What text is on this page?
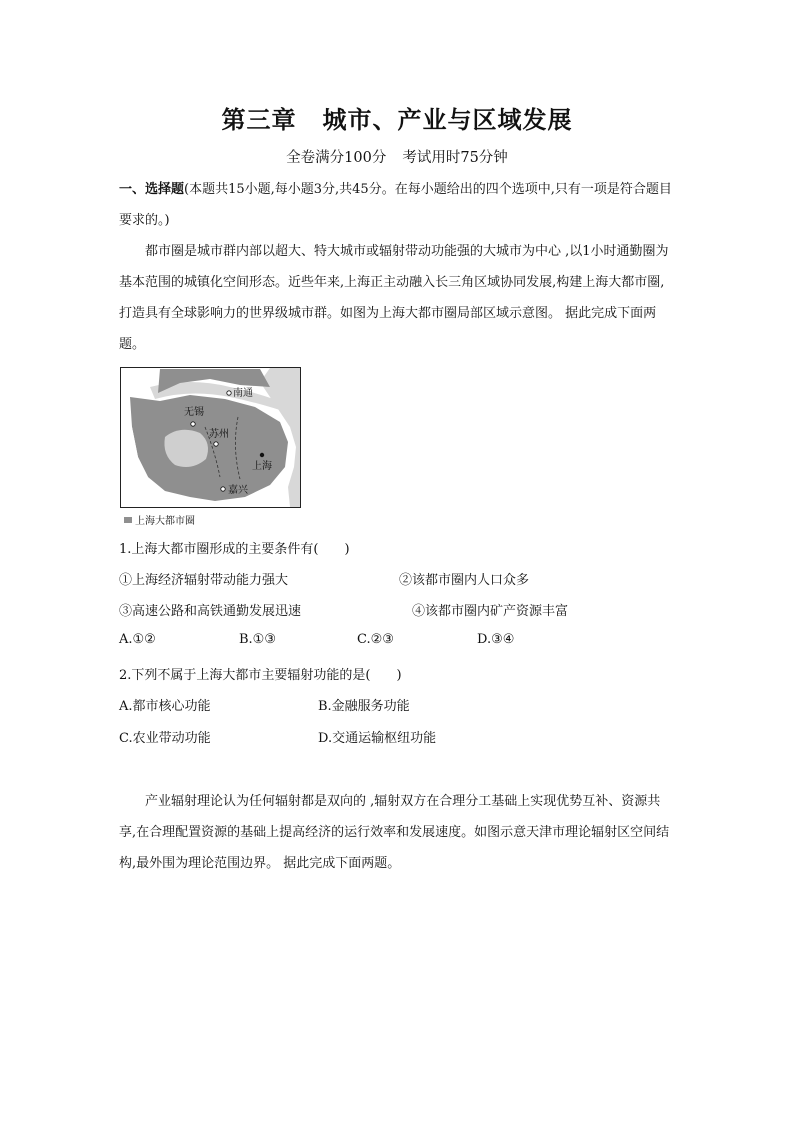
第三章 城市、产业与区域发展
全卷满分100分 考试用时75分钟
一、选择题(本题共15小题,每小题3分,共45分。在每小题给出的四个选项中,只有一项是符合题目要求的。)
都市圈是城市群内部以超大、特大城市或辐射带动功能强的大城市为中心 ,以1小时通勤圈为基本范围的城镇化空间形态。近些年来,上海正主动融入长三角区域协同发展,构建上海大都市圈,打造具有全球影响力的世界级城市群。如图为上海大都市圈局部区域示意图。 据此完成下面两题。
南通
无锡
苏州
上海
嘉兴
上海大都市圈
1.上海大都市圈形成的主要条件有(　　)
①上海经济辐射带动能力强大	②该都市圈内人口众多
③高速公路和高铁通勤发展迅速	④该都市圈内矿产资源丰富
A.①②	B.①③	C.②③	D.③④
2.下列不属于上海大都市主要辐射功能的是(　　)
A.都市核心功能	B.金融服务功能
C.农业带动功能	D.交通运输枢纽功能
产业辐射理论认为任何辐射都是双向的 ,辐射双方在合理分工基础上实现优势互补、资源共享,在合理配置资源的基础上提高经济的运行效率和发展速度。如图示意天津市理论辐射区空间结构,最外围为理论范围边界。 据此完成下面两题。
